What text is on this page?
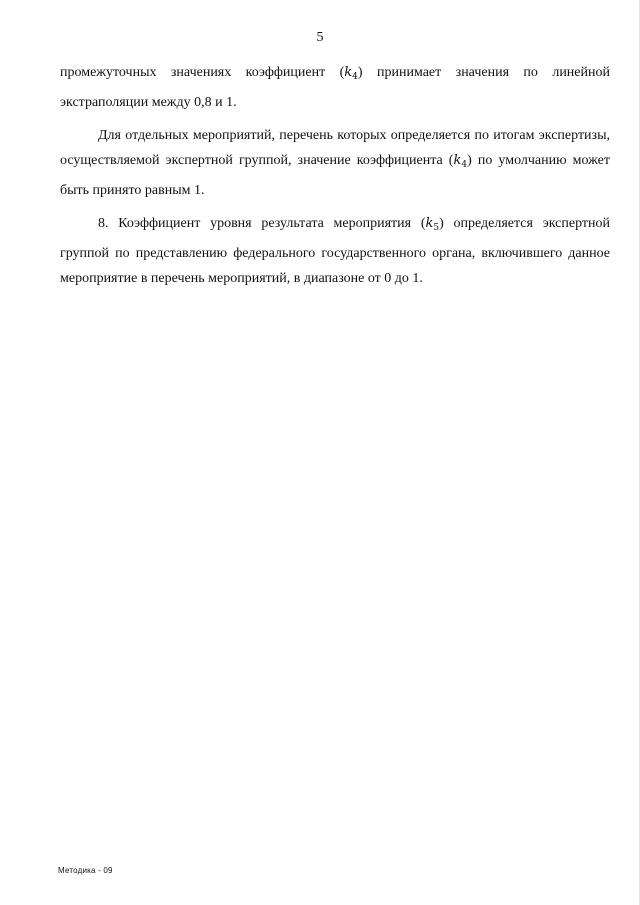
5

промежуточных значениях коэффициент $(k_4)$ принимает значения по линейной экстраполяции между 0,8 и 1.

Для отдельных мероприятий, перечень которых определяется по итогам экспертизы, осуществляемой экспертной группой, значение коэффициента $(k_4)$ по умолчанию может быть принято равным 1.

8. Коэффициент уровня результата мероприятия $(k_5)$ определяется экспертной группой по представлению федерального государственного органа, включившего данное мероприятие в перечень мероприятий, в диапазоне от 0 до 1.

Методика - 09
